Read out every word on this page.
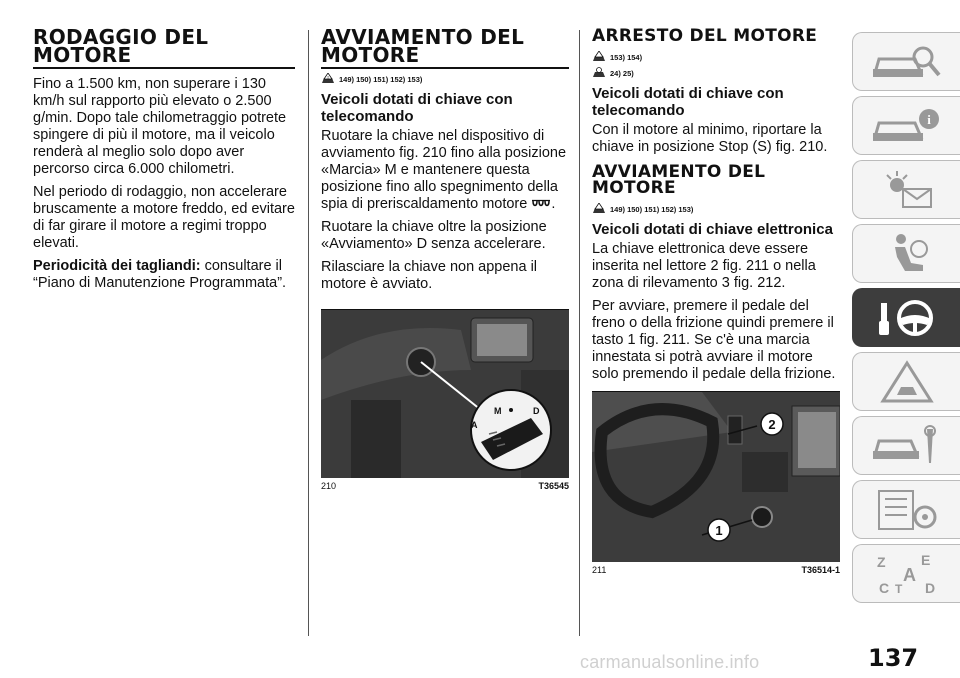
RODAGGIO DEL MOTORE

Fino a 1.500 km, non superare i 130 km/h sul rapporto più elevato o 2.500 g/min. Dopo tale chilometraggio potrete spingere di più il motore, ma il veicolo renderà al meglio solo dopo aver percorso circa 6.000 chilometri.

Nel periodo di rodaggio, non accelerare bruscamente a motore freddo, ed evitare di far girare il motore a regimi troppo elevati.

Periodicità dei tagliandi: consultare il “Piano di Manutenzione Programmata”.

AVVIAMENTO DEL MOTORE
! 149) 150) 151) 152) 153)
Veicoli dotati di chiave con telecomando

Ruotare la chiave nel dispositivo di avviamento fig. 210 fino alla posizione «Marcia» M e mantenere questa posizione fino allo spegnimento della spia di preriscaldamento motore .

Ruotare la chiave oltre la posizione «Avviamento» D senza accelerare.

Rilasciare la chiave non appena il motore è avviato.

M
A
D
210	T36545
ARRESTO DEL MOTORE
153) 154)
24) 25)
Veicoli dotati di chiave con telecomando

Con il motore al minimo, riportare la chiave in posizione Stop (S) fig. 210.

AVVIAMENTO DEL MOTORE
149) 150) 151) 152) 153)
Veicoli dotati di chiave elettronica

La chiave elettronica deve essere inserita nel lettore 2 fig. 211 o nella zona di rilevamento 3 fig. 212.

Per avviare, premere il pedale del freno o della frizione quindi premere il tasto 1 fig. 211. Se c'è una marcia innestata si potrà avviare il motore solo premendo il pedale della frizione.

2
1
211	T36514-1
i
Z	E
A
C T D
carmanualsonline.info	137
